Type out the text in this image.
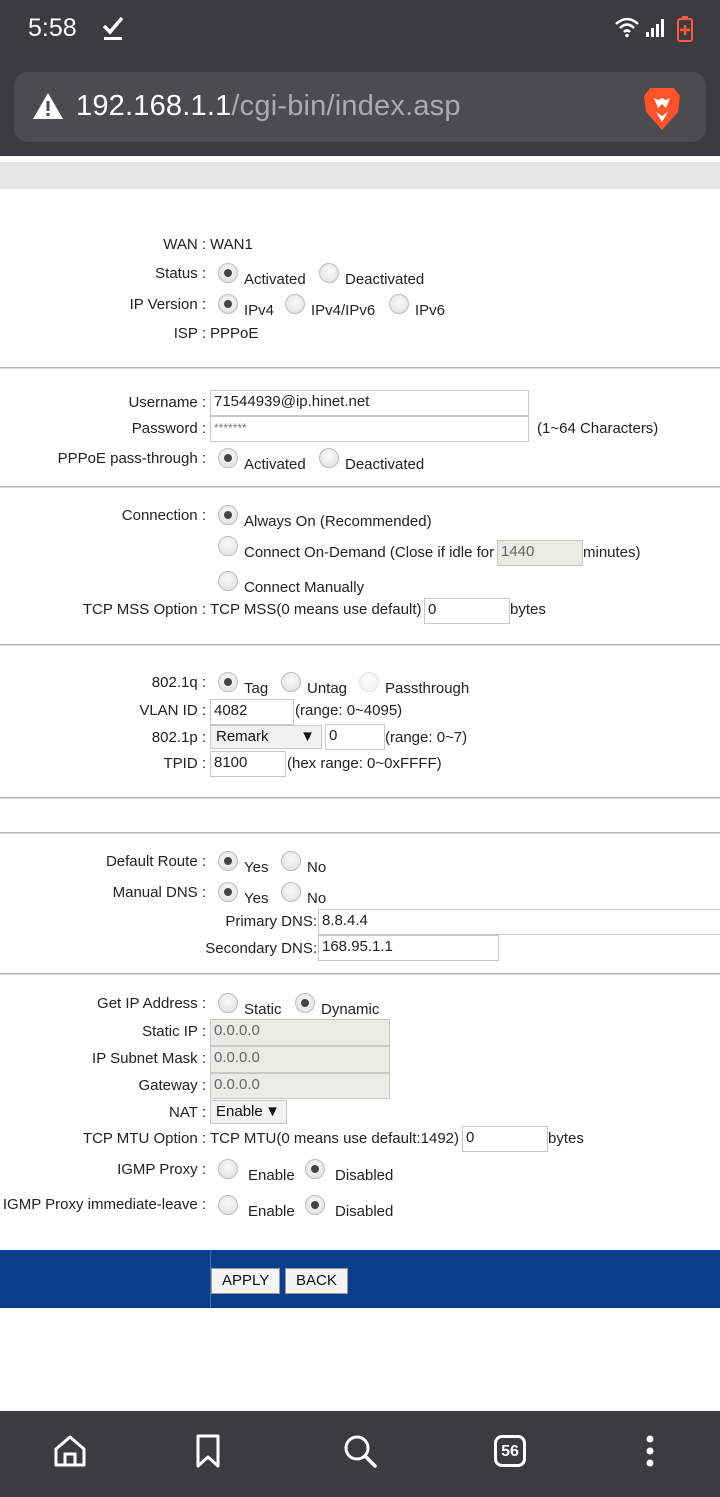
5:58
192.168.1.1/cgi-bin/index.asp
WAN : WAN1
Status :	Activated	Deactivated
IP Version :	IPv4 IPv4/IPv6	IPv6
ISP : PPPoE
Username : 71544939@ip.hinet.net
Password : *******	(1~64 Characters)
PPPoE pass-through :	Activated	Deactivated
Connection :	Always On (Recommended)
Connect On-Demand (Close if idle for 1440	minutes)
Connect Manually
TCP MSS Option : TCP MSS(0 means use default) 0	bytes
802.1q :	Tag	Untag	Passthrough
VLAN ID : 4082	(range: 0~4095)
802.1p : Remark ▼ 0	(range: 0~7)
TPID : 8100	(hex range: 0~0xFFFF)
Default Route :	Yes	No
Manual DNS :	Yes	No
Primary DNS: 8.8.4.4
Secondary DNS: 168.95.1.1
Get IP Address :	Static	Dynamic
Static IP : 0.0.0.0
IP Subnet Mask : 0.0.0.0
Gateway : 0.0.0.0
NAT : Enable ▼
TCP MTU Option : TCP MTU(0 means use default:1492) 0	bytes
IGMP Proxy :	Enable	Disabled
IGMP Proxy immediate-leave :	Enable	Disabled
APPLY	BACK
56
